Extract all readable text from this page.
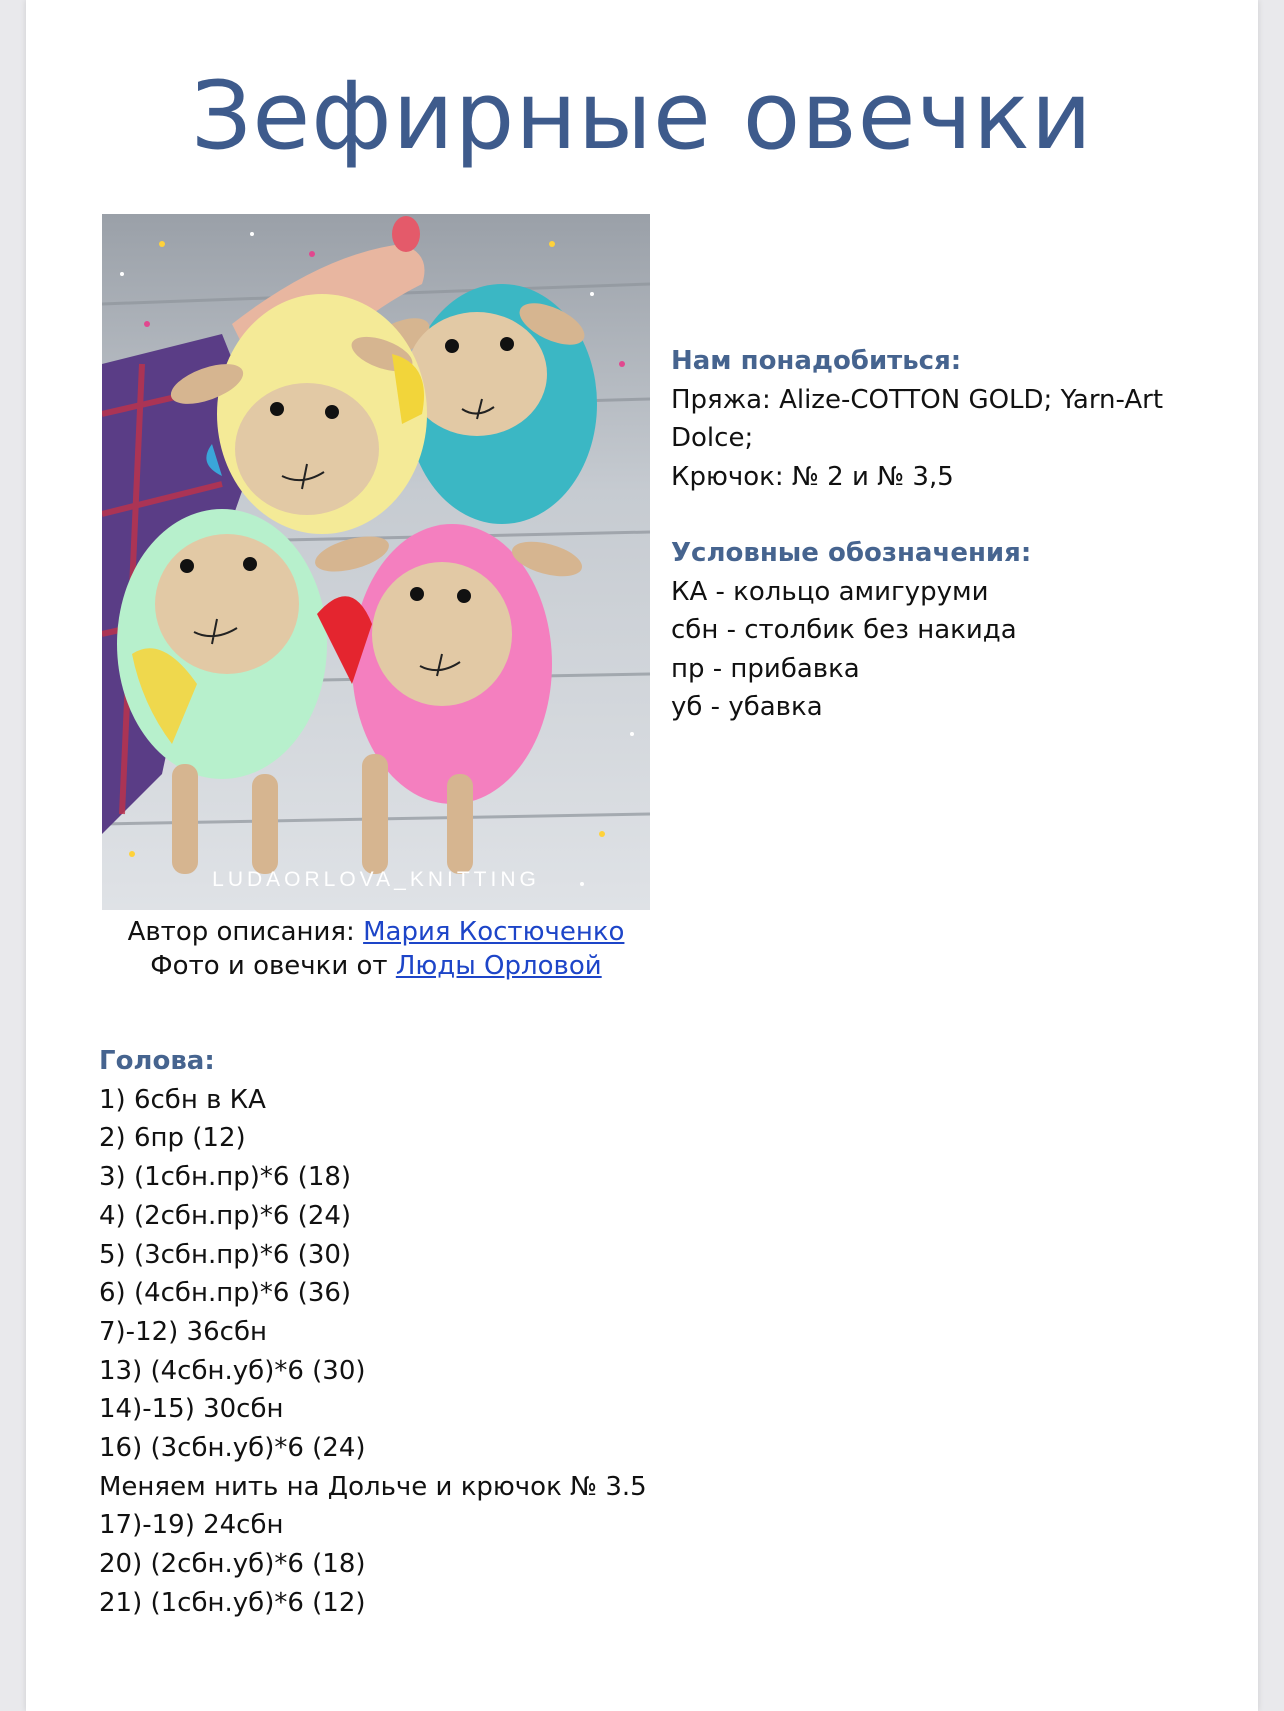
Зефирные овечки
LUDAORLOVA_KNITTING
Автор описания: Мария Костюченко
Фото и овечки от Люды Орловой
Нам понадобиться:
Пряжа: Alize-COTTON GOLD; Yarn-Art
Dolce;
Крючок: № 2 и № 3,5
Условные обозначения:
КА - кольцо амигуруми
сбн - столбик без накида
пр - прибавка
уб - убавка
Голова:
1) 6сбн в КА
2) 6пр (12)
3) (1сбн.пр)*6 (18)
4) (2сбн.пр)*6 (24)
5) (3сбн.пр)*6 (30)
6) (4сбн.пр)*6 (36)
7)-12) 36сбн
13) (4сбн.уб)*6 (30)
14)-15) 30сбн
16) (3сбн.уб)*6 (24)
Меняем нить на Дольче и крючок № 3.5
17)-19) 24сбн
20) (2сбн.уб)*6 (18)
21) (1сбн.уб)*6 (12)
